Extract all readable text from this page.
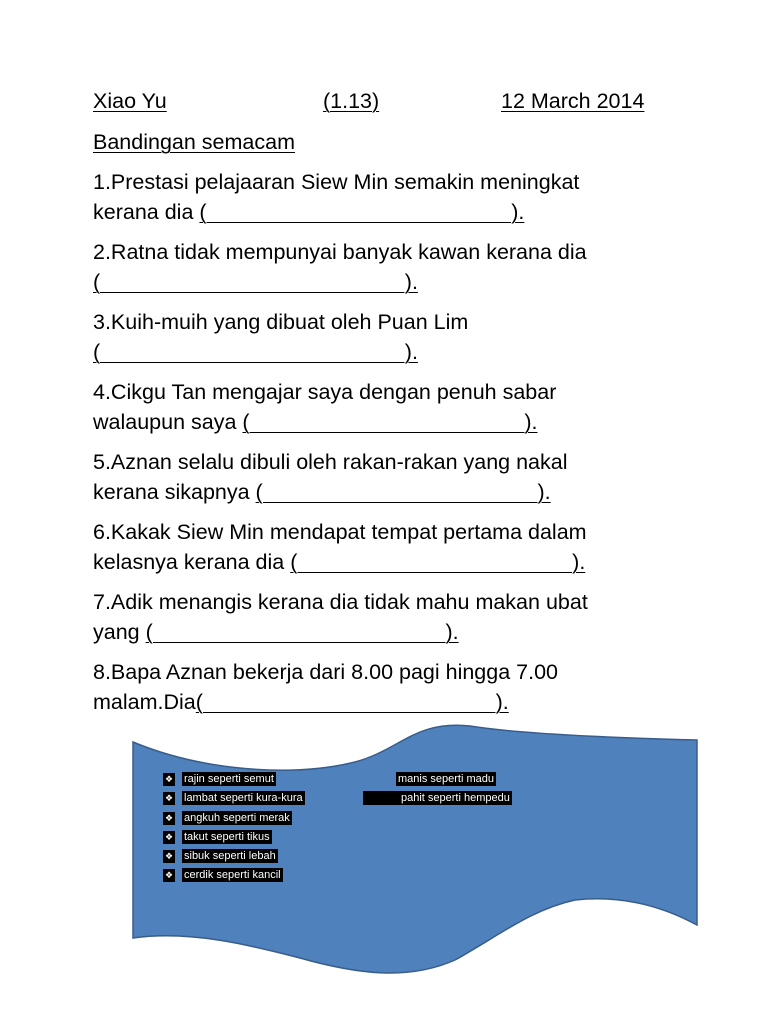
Xiao Yu	(1.13)	12 March 2014
Bandingan semacam
1.Prestasi pelajaaran Siew Min semakin meningkat
kerana dia (                                                   ).
2.Ratna tidak mempunyai banyak kawan kerana dia
(                                                   ).
3.Kuih-muih yang dibuat oleh Puan Lim
(                                                   ).
4.Cikgu Tan mengajar saya dengan penuh sabar
walaupun saya (                                              ).
5.Aznan selalu dibuli oleh rakan-rakan yang nakal
kerana sikapnya (                                              ).
6.Kakak Siew Min mendapat tempat pertama dalam
kelasnya kerana dia (                                              ).
7.Adik menangis kerana dia tidak mahu makan ubat
yang (                                                 ).
8.Bapa Aznan bekerja dari 8.00 pagi hingga 7.00
malam.Dia(                                                 ).
❖ rajin seperti semut	manis seperti madu
❖ lambat seperti kura-kura	pahit seperti hempedu
❖ angkuh seperti merak
❖ takut seperti tikus
❖ sibuk seperti lebah
❖ cerdik seperti kancil
